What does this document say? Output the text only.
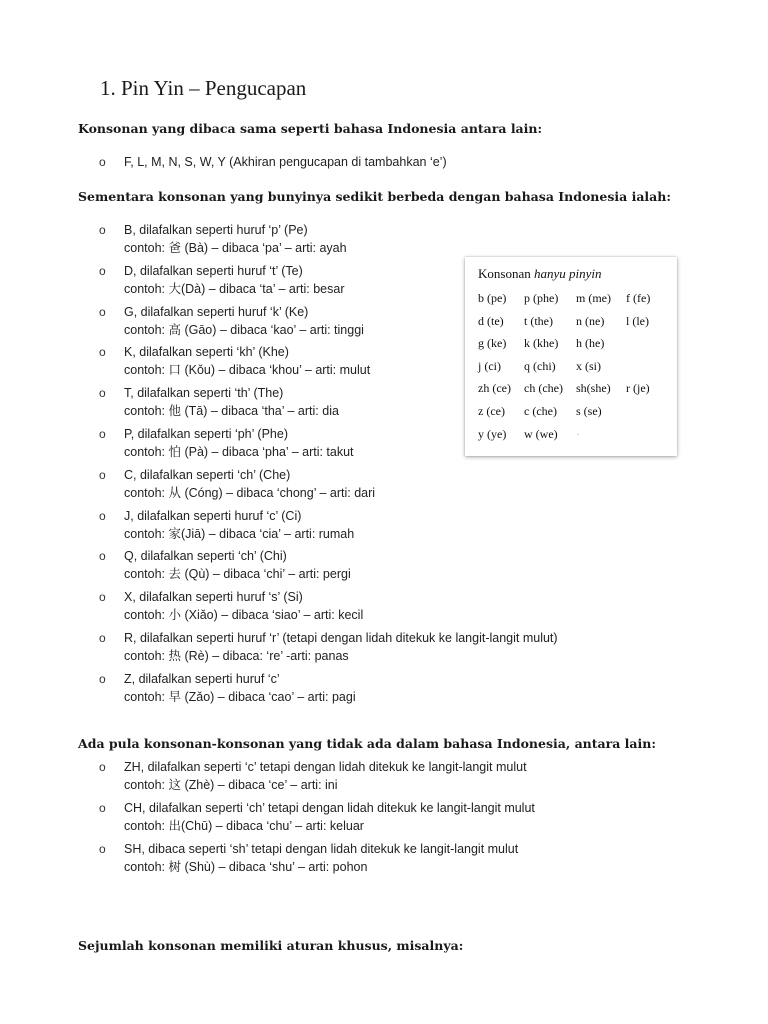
1. Pin Yin – Pengucapan

Konsonan yang dibaca sama seperti bahasa Indonesia antara lain:

o F, L, M, N, S, W, Y (Akhiran pengucapan di tambahkan ‘e’)

Sementara konsonan yang bunyinya sedikit berbeda dengan bahasa Indonesia ialah:

o B, dilafalkan seperti huruf ‘p’ (Pe)
contoh: 爸 (Bà) – dibaca ‘pa’ – arti: ayah
o D, dilafalkan seperti huruf ‘t’ (Te)
contoh: 大(Dà) – dibaca ‘ta’ – arti: besar
o G, dilafalkan seperti huruf ‘k’ (Ke)
contoh: 高 (Gāo) – dibaca ‘kao’ – arti: tinggi
o K, dilafalkan seperti ‘kh’ (Khe)
contoh: 口 (Kǒu) – dibaca ‘khou’ – arti: mulut
o T, dilafalkan seperti ‘th’ (The)
contoh: 他 (Tā) – dibaca ‘tha’ – arti: dia
o P, dilafalkan seperti ‘ph’ (Phe)
contoh: 怕 (Pà) – dibaca ‘pha’ – arti: takut
o C, dilafalkan seperti ‘ch’ (Che)
contoh: 从 (Cóng) – dibaca ‘chong’ – arti: dari
o J, dilafalkan seperti huruf ‘c’ (Ci)
contoh: 家(Jiā) – dibaca ‘cia’ – arti: rumah
o Q, dilafalkan seperti ‘ch’ (Chi)
contoh: 去 (Qù) – dibaca ‘chi’ – arti: pergi
o X, dilafalkan seperti huruf ‘s’ (Si)
contoh: 小 (Xiǎo) – dibaca ‘siao’ – arti: kecil
o R, dilafalkan seperti huruf ‘r’ (tetapi dengan lidah ditekuk ke langit-langit mulut)
contoh: 热 (Rè) – dibaca: ‘re’ -arti: panas
o Z, dilafalkan seperti huruf ‘c’
contoh: 早 (Zǎo) – dibaca ‘cao’ – arti: pagi

Ada pula konsonan-konsonan yang tidak ada dalam bahasa Indonesia, antara lain:

o ZH, dilafalkan seperti ‘c’ tetapi dengan lidah ditekuk ke langit-langit mulut
contoh: 这 (Zhè) – dibaca ‘ce’ – arti: ini
o CH, dilafalkan seperti ‘ch’ tetapi dengan lidah ditekuk ke langit-langit mulut
contoh: 出(Chū) – dibaca ‘chu’ – arti: keluar
o SH, dibaca seperti ‘sh’ tetapi dengan lidah ditekuk ke langit-langit mulut
contoh: 树 (Shù) – dibaca ‘shu’ – arti: pohon

Sejumlah konsonan memiliki aturan khusus, misalnya:

Konsonan hanyu pinyin
b (pe) p (phe) m (me) f (fe)
d (te) t (the) n (ne) l (le)
g (ke) k (khe) h (he)
j (ci) q (chi) x (si)
zh (ce) ch (che) sh(she) r (je)
z (ce) c (che) s (se)
y (ye) w (we) ·
